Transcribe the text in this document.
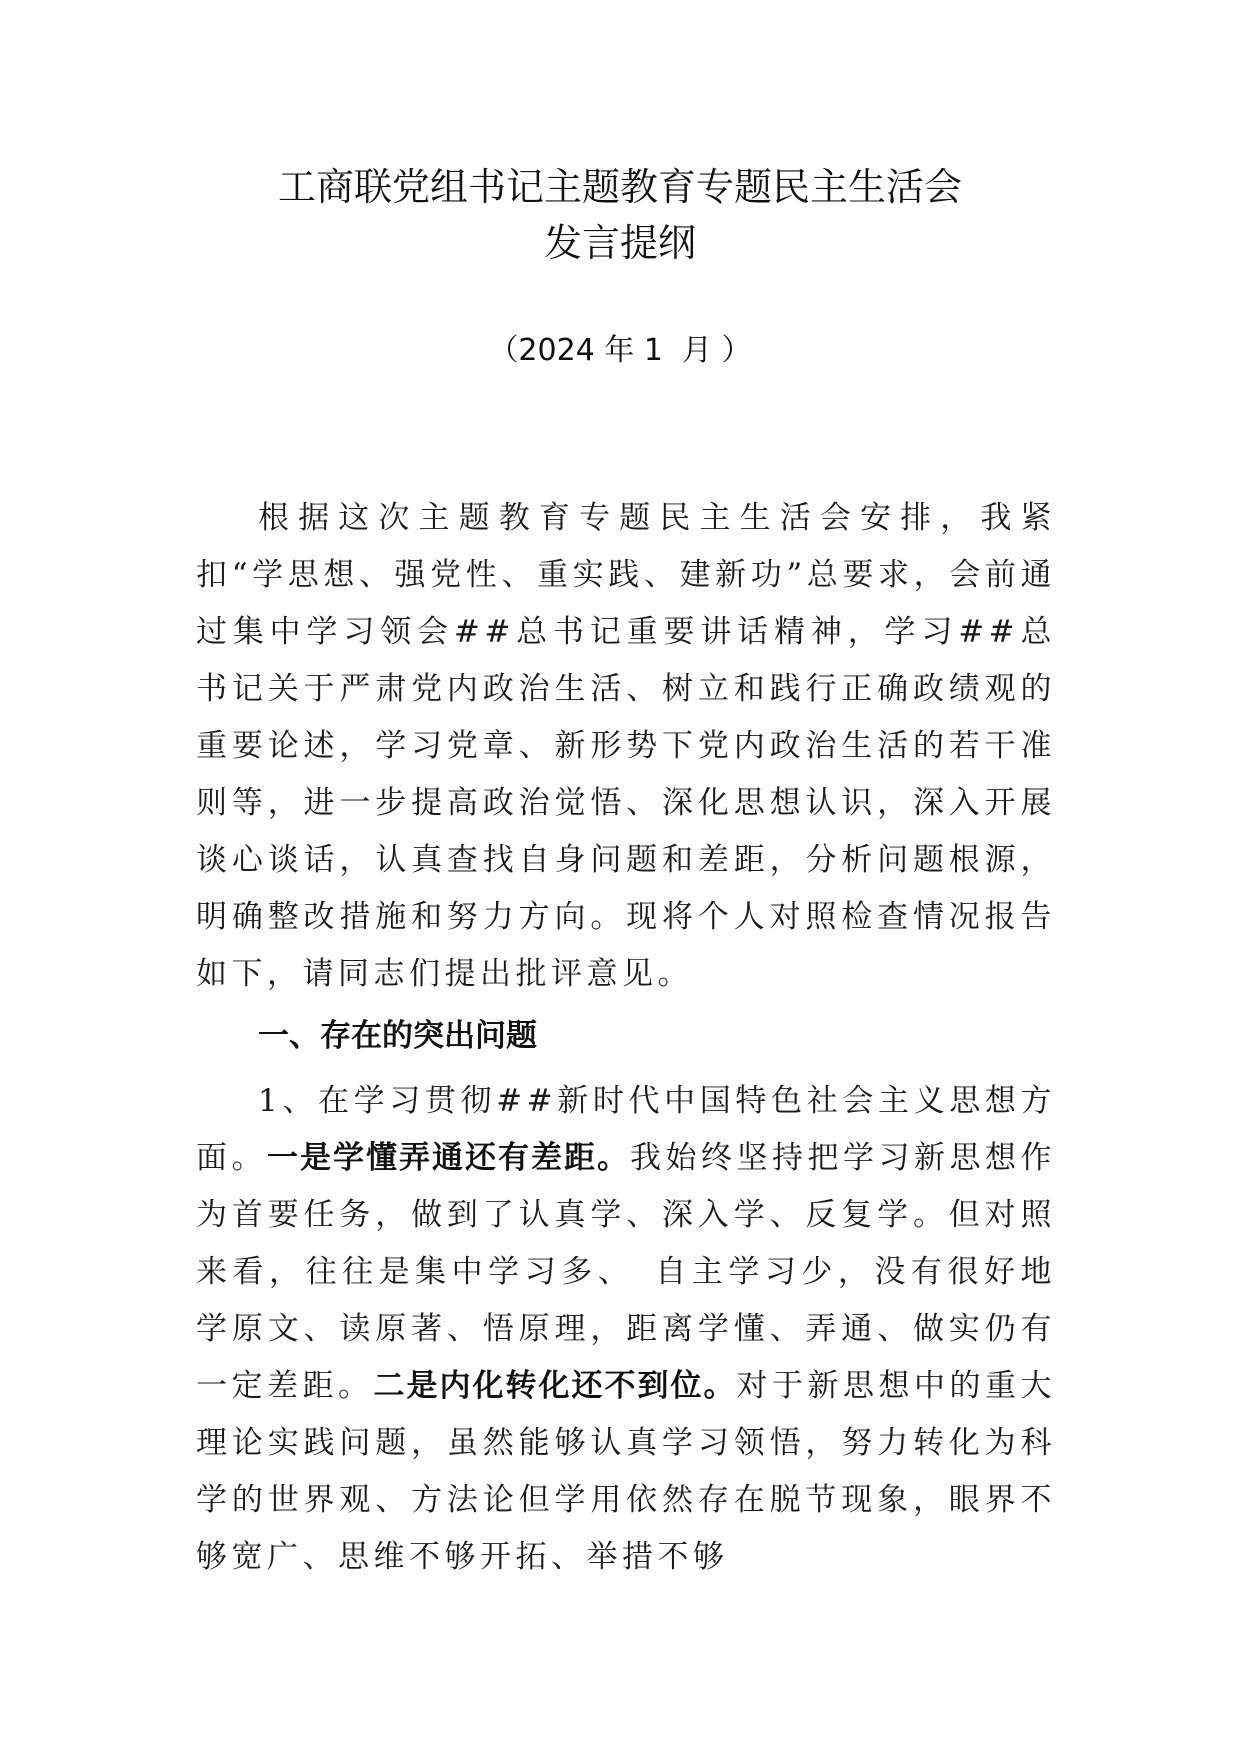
工商联党组书记主题教育专题民主生活会
发言提纲
（2024 年 1  月 ）

根据这次主题教育专题民主生活会安排，我紧扣“学思想、强党性、重实践、建新功”总要求，会前通过集中学习领会##总书记重要讲话精神，学习##总书记关于严肃党内政治生活、树立和践行正确政绩观的重要论述，学习党章、新形势下党内政治生活的若干准则等，进一步提高政治觉悟、深化思想认识，深入开展谈心谈话，认真查找自身问题和差距，分析问题根源，明确整改措施和努力方向。现将个人对照检查情况报告如下，请同志们提出批评意见。

一、存在的突出问题

1、在学习贯彻##新时代中国特色社会主义思想方面。一是学懂弄通还有差距。我始终坚持把学习新思想作为首要任务，做到了认真学、深入学、反复学。但对照来看，往往是集中学习多、　自主学习少，没有很好地学原文、读原著、悟原理，距离学懂、弄通、做实仍有一定差距。二是内化转化还不到位。对于新思想中的重大理论实践问题，虽然能够认真学习领悟，努力转化为科学的世界观、方法论但学用依然存在脱节现象，眼界不够宽广、思维不够开拓、举措不够
